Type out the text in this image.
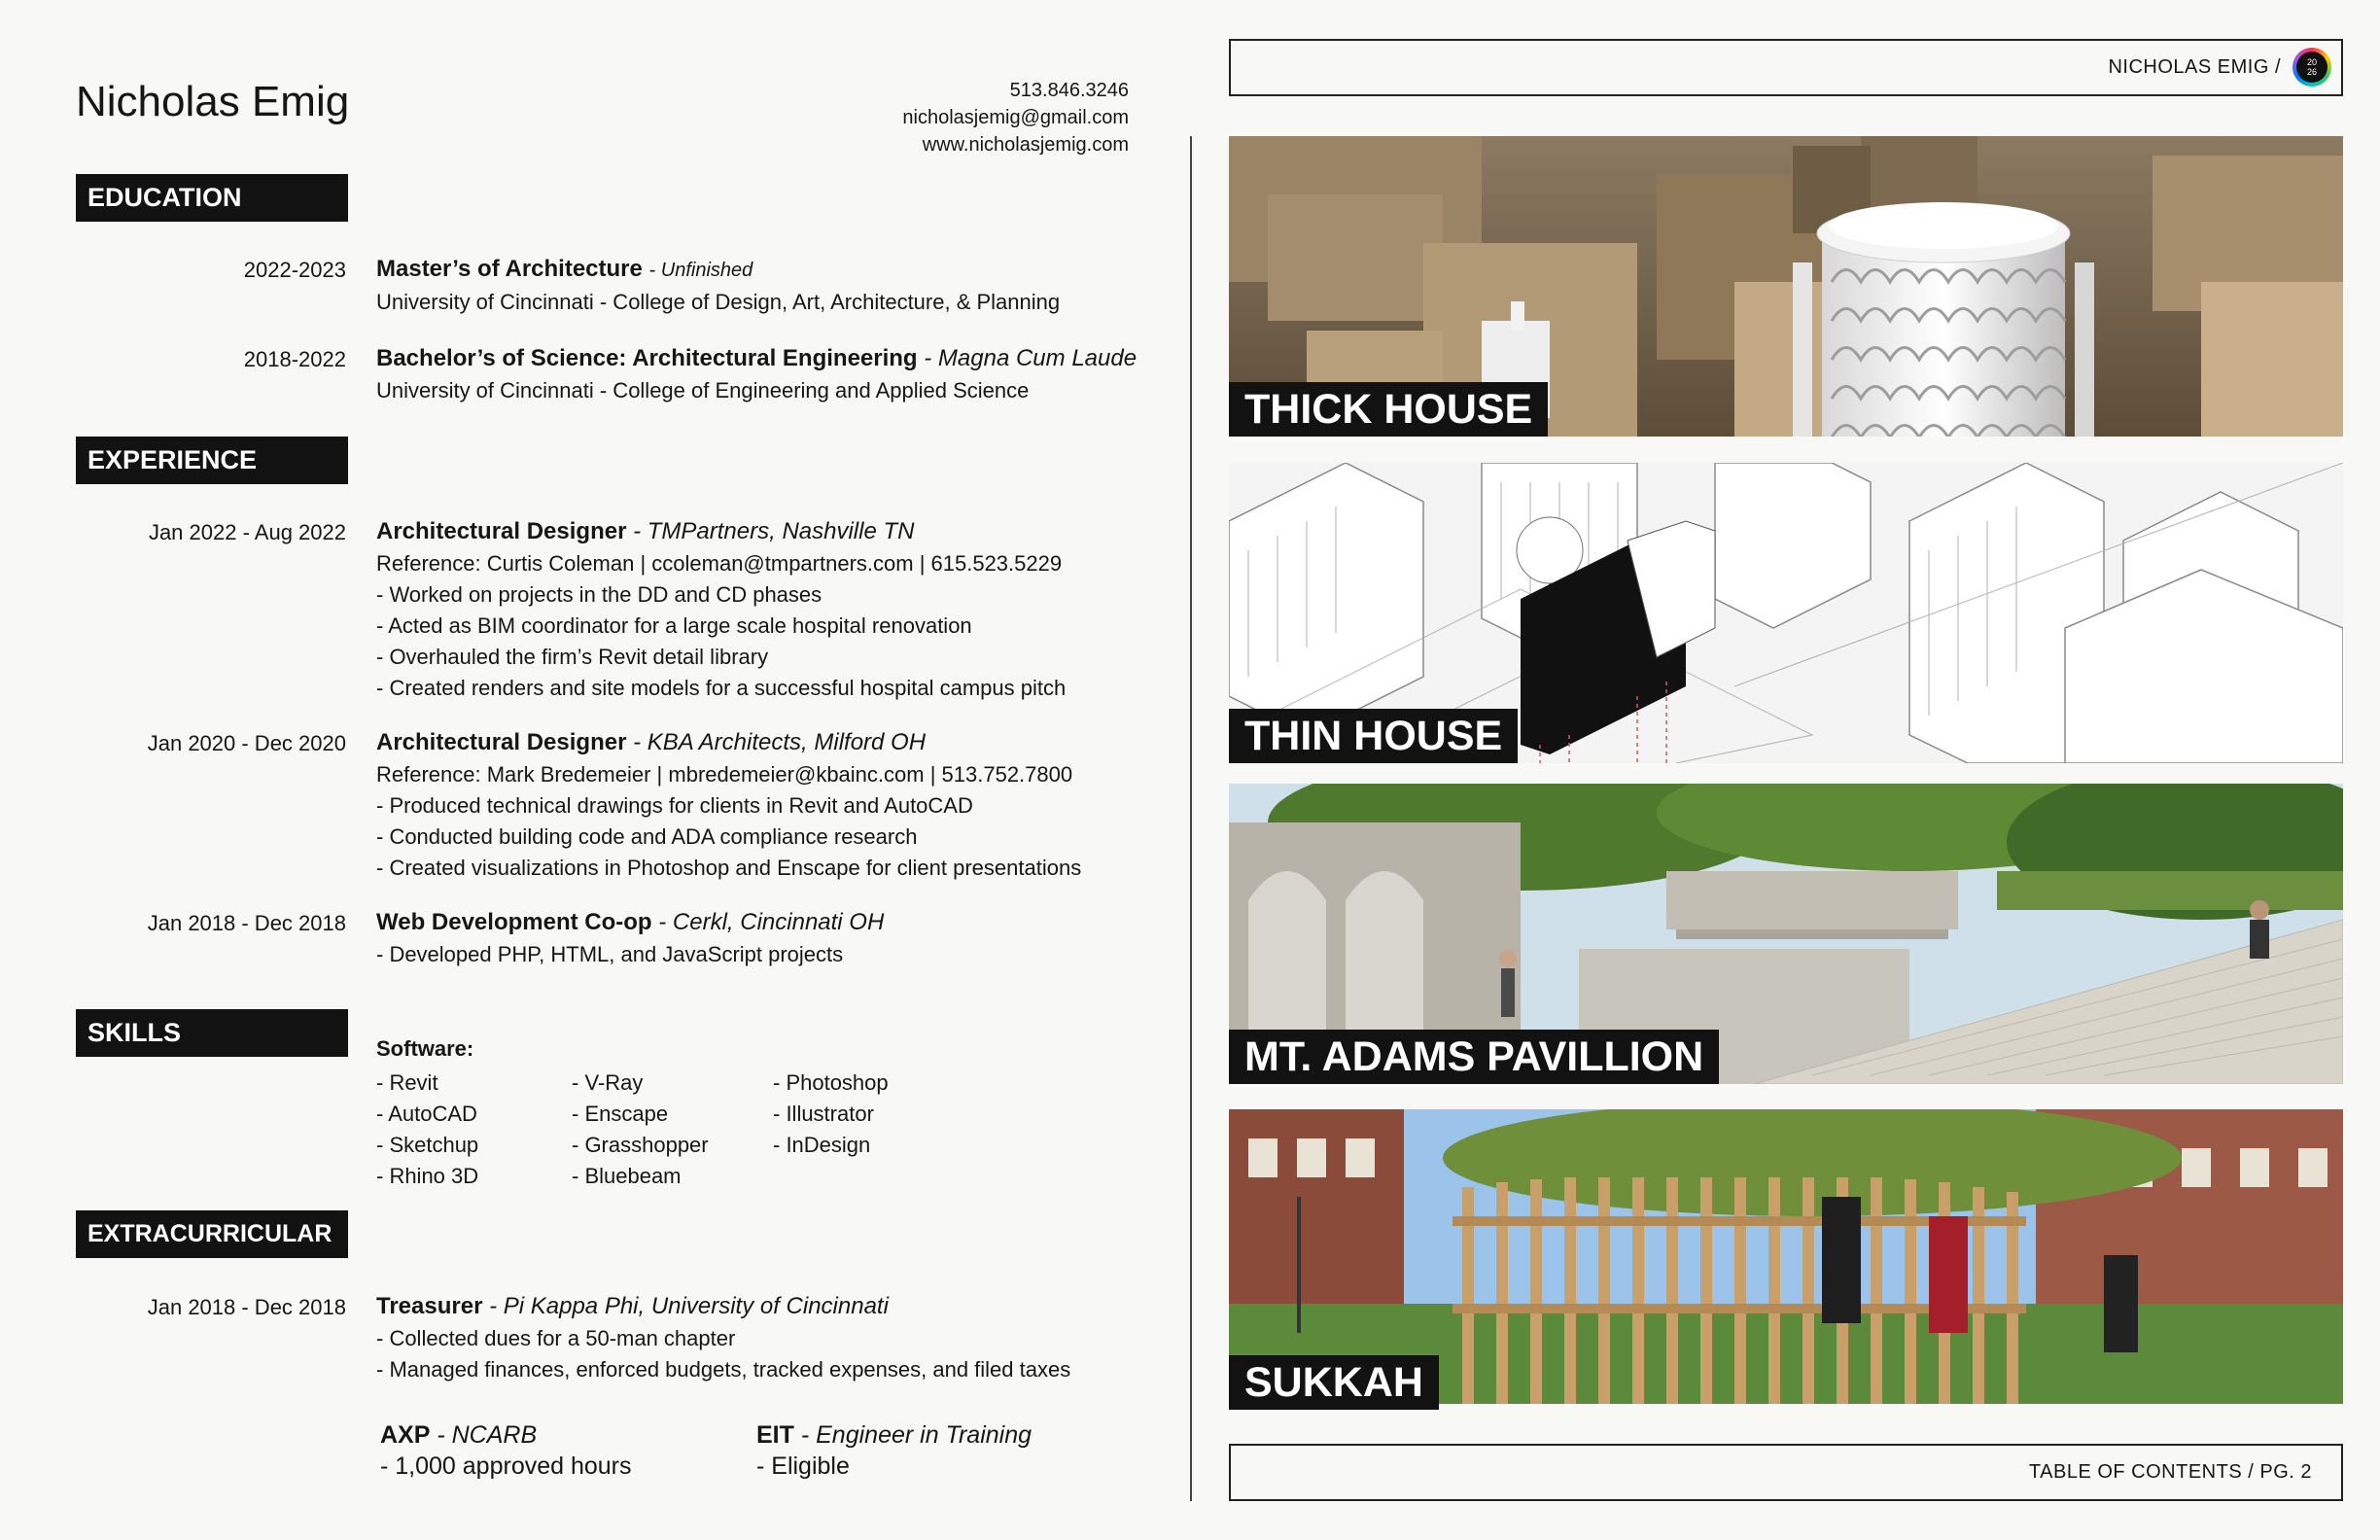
Nicholas Emig	513.846.3246
nicholasjemig@gmail.com
www.nicholasjemig.com
EDUCATION
2022-2023 Master’s of Architecture - Unfinished
University of Cincinnati - College of Design, Art, Architecture, & Planning
2018-2022 Bachelor’s of Science: Architectural Engineering - Magna Cum Laude
University of Cincinnati - College of Engineering and Applied Science
EXPERIENCE
Jan 2022 - Aug 2022 Architectural Designer - TMPartners, Nashville TN
Reference: Curtis Coleman | ccoleman@tmpartners.com | 615.523.5229
- Worked on projects in the DD and CD phases
- Acted as BIM coordinator for a large scale hospital renovation
- Overhauled the firm’s Revit detail library
- Created renders and site models for a successful hospital campus pitch
Jan 2020 - Dec 2020 Architectural Designer - KBA Architects, Milford OH
Reference: Mark Bredemeier | mbredemeier@kbainc.com | 513.752.7800
- Produced technical drawings for clients in Revit and AutoCAD
- Conducted building code and ADA compliance research
- Created visualizations in Photoshop and Enscape for client presentations
Jan 2018 - Dec 2018 Web Development Co-op - Cerkl, Cincinnati OH
- Developed PHP, HTML, and JavaScript projects
SKILLS
Software:
- Revit
- AutoCAD
- Sketchup
- Rhino 3D
- V-Ray
- Enscape
- Grasshopper
- Bluebeam
- Photoshop
- Illustrator
- InDesign
EXTRACURRICULAR
Jan 2018 - Dec 2018 Treasurer - Pi Kappa Phi, University of Cincinnati
- Collected dues for a 50-man chapter
- Managed finances, enforced budgets, tracked expenses, and filed taxes
AXP - NCARB
- 1,000 approved hours
EIT - Engineer in Training
- Eligible
NICHOLAS EMIG /	20
26
THICK HOUSE
THIN HOUSE
MT. ADAMS PAVILLION
SUKKAH
TABLE OF CONTENTS / PG. 2
